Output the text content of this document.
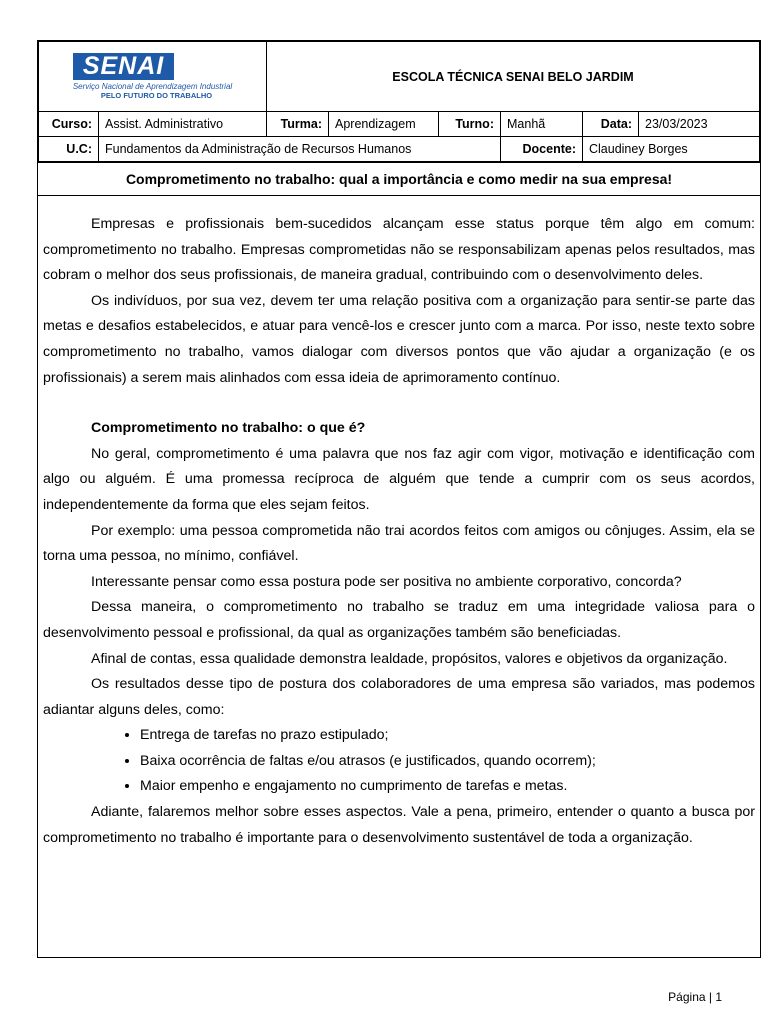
SENAI
Serviço Nacional de Aprendizagem Industrial
PELO FUTURO DO TRABALHO		ESCOLA TÉCNICA SENAI BELO JARDIM					
Curso:	Assist. Administrativo	Turma:	Aprendizagem	Turno:	Manhã	Data:	23/03/2023
U.C:	Fundamentos da Administração de Recursos Humanos				Docente:	Claudiney Borges	
Comprometimento no trabalho: qual a importância e como medir na sua empresa!

Empresas e profissionais bem-sucedidos alcançam esse status porque têm algo em comum: comprometimento no trabalho. Empresas comprometidas não se responsabilizam apenas pelos resultados, mas cobram o melhor dos seus profissionais, de maneira gradual, contribuindo com o desenvolvimento deles.

Os indivíduos, por sua vez, devem ter uma relação positiva com a organização para sentir-se parte das metas e desafios estabelecidos, e atuar para vencê-los e crescer junto com a marca. Por isso, neste texto sobre comprometimento no trabalho, vamos dialogar com diversos pontos que vão ajudar a organização (e os profissionais) a serem mais alinhados com essa ideia de aprimoramento contínuo.

Comprometimento no trabalho: o que é?

No geral, comprometimento é uma palavra que nos faz agir com vigor, motivação e identificação com algo ou alguém. É uma promessa recíproca de alguém que tende a cumprir com os seus acordos, independentemente da forma que eles sejam feitos.

Por exemplo: uma pessoa comprometida não trai acordos feitos com amigos ou cônjuges. Assim, ela se torna uma pessoa, no mínimo, confiável.

Interessante pensar como essa postura pode ser positiva no ambiente corporativo, concorda?

Dessa maneira, o comprometimento no trabalho se traduz em uma integridade valiosa para o desenvolvimento pessoal e profissional, da qual as organizações também são beneficiadas.

Afinal de contas, essa qualidade demonstra lealdade, propósitos, valores e objetivos da organização.

Os resultados desse tipo de postura dos colaboradores de uma empresa são variados, mas podemos adiantar alguns deles, como:

• Entrega de tarefas no prazo estipulado;
• Baixa ocorrência de faltas e/ou atrasos (e justificados, quando ocorrem);
• Maior empenho e engajamento no cumprimento de tarefas e metas.

Adiante, falaremos melhor sobre esses aspectos. Vale a pena, primeiro, entender o quanto a busca por comprometimento no trabalho é importante para o desenvolvimento sustentável de toda a organização.

Página | 1
